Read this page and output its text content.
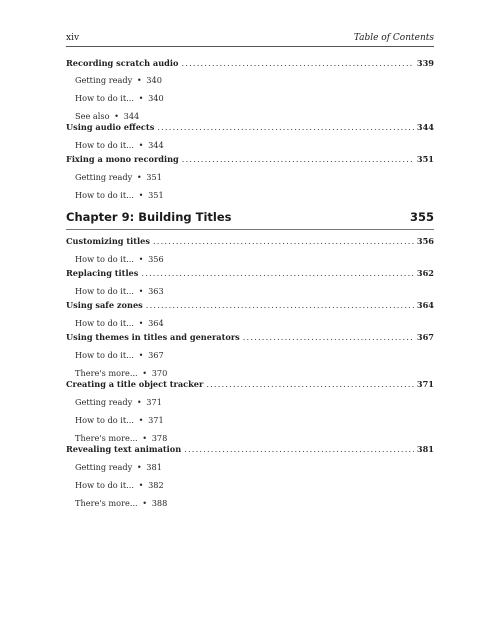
xiv	Table of Contents
Recording scratch audio .....	339
Getting ready • 340
How to do it... • 340
See also • 344
Using audio effects .....	344
How to do it... • 344
Fixing a mono recording .....	351
Getting ready • 351
How to do it... • 351
Chapter 9: Building Titles	355
Customizing titles .....	356
How to do it... • 356
Replacing titles .....	362
How to do it... • 363
Using safe zones .....	364
How to do it... • 364
Using themes in titles and generators .....	367
How to do it... • 367
There's more... • 370
Creating a title object tracker .....	371
Getting ready • 371
How to do it... • 371
There's more... • 378
Revealing text animation .....	381
Getting ready • 381
How to do it... • 382
There's more... • 388
